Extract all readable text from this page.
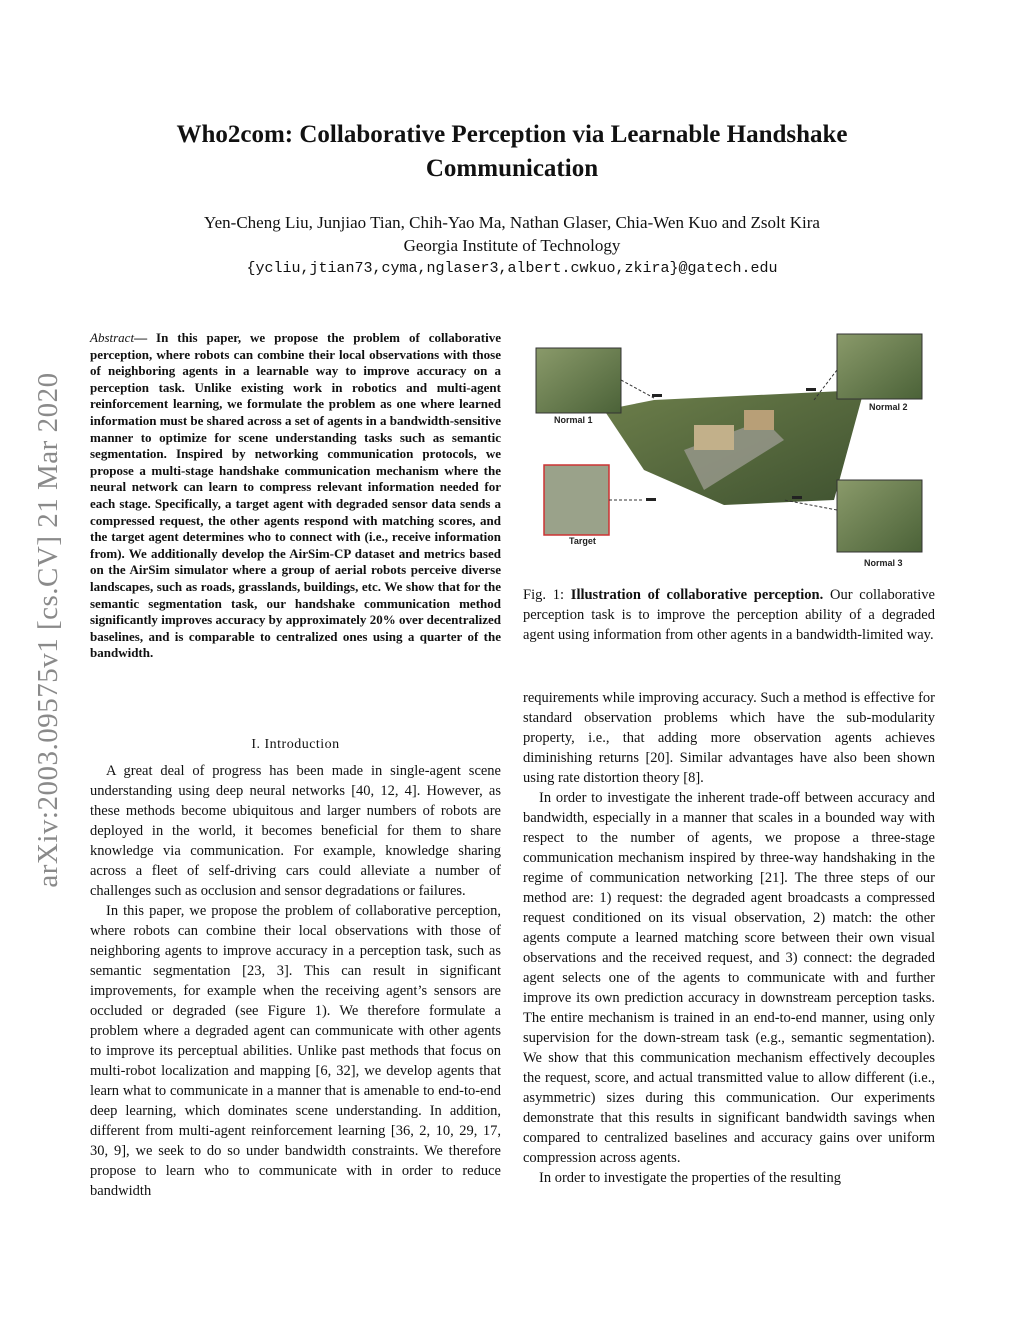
Who2com: Collaborative Perception via Learnable Handshake
Communication
Yen-Cheng Liu, Junjiao Tian, Chih-Yao Ma, Nathan Glaser, Chia-Wen Kuo and Zsolt Kira
Georgia Institute of Technology
{ycliu,jtian73,cyma,nglaser3,albert.cwkuo,zkira}@gatech.edu
arXiv:2003.09575v1 [cs.CV] 21 Mar 2020
Abstract— In this paper, we propose the problem of collaborative perception, where robots can combine their local observations with those of neighboring agents in a learnable way to improve accuracy on a perception task. Unlike existing work in robotics and multi-agent reinforcement learning, we formulate the problem as one where learned information must be shared across a set of agents in a bandwidth-sensitive manner to optimize for scene understanding tasks such as semantic segmentation. Inspired by networking communication protocols, we propose a multi-stage handshake communication mechanism where the neural network can learn to compress relevant information needed for each stage. Specifically, a target agent with degraded sensor data sends a compressed request, the other agents respond with matching scores, and the target agent determines who to connect with (i.e., receive information from). We additionally develop the AirSim-CP dataset and metrics based on the AirSim simulator where a group of aerial robots perceive diverse landscapes, such as roads, grasslands, buildings, etc. We show that for the semantic segmentation task, our handshake communication method significantly improves accuracy by approximately 20% over decentralized baselines, and is comparable to centralized ones using a quarter of the bandwidth.

I. Introduction

A great deal of progress has been made in single-agent scene understanding using deep neural networks [40, 12, 4]. However, as these methods become ubiquitous and larger numbers of robots are deployed in the world, it becomes beneficial for them to share knowledge via communication. For example, knowledge sharing across a fleet of self-driving cars could alleviate a number of challenges such as occlusion and sensor degradations or failures.

In this paper, we propose the problem of collaborative perception, where robots can combine their local observations with those of neighboring agents to improve accuracy in a perception task, such as semantic segmentation [23, 3]. This can result in significant improvements, for example when the receiving agent’s sensors are occluded or degraded (see Figure 1). We therefore formulate a problem where a degraded agent can communicate with other agents to improve its perceptual abilities. Unlike past methods that focus on multi-robot localization and mapping [6, 32], we develop agents that learn what to communicate in a manner that is amenable to end-to-end deep learning, which dominates scene understanding. In addition, different from multi-agent reinforcement learning [36, 2, 10, 29, 17, 30, 9], we seek to do so under bandwidth constraints. We therefore propose to learn who to communicate with in order to reduce bandwidth

Normal 1
Normal 2
Target
Normal 3
Fig. 1: Illustration of collaborative perception. Our collaborative perception task is to improve the perception ability of a degraded agent using information from other agents in a bandwidth-limited way.

requirements while improving accuracy. Such a method is effective for standard observation problems which have the sub-modularity property, i.e., that adding more observation agents achieves diminishing returns [20]. Similar advantages have also been shown using rate distortion theory [8].

In order to investigate the inherent trade-off between accuracy and bandwidth, especially in a manner that scales in a bounded way with respect to the number of agents, we propose a three-stage communication mechanism inspired by three-way handshaking in the regime of communication networking [21]. The three steps of our method are: 1) request: the degraded agent broadcasts a compressed request conditioned on its visual observation, 2) match: the other agents compute a learned matching score between their own visual observations and the received request, and 3) connect: the degraded agent selects one of the agents to communicate with and further improve its own prediction accuracy in downstream perception tasks. The entire mechanism is trained in an end-to-end manner, using only supervision for the down-stream task (e.g., semantic segmentation). We show that this communication mechanism effectively decouples the request, score, and actual transmitted value to allow different (i.e., asymmetric) sizes during this communication. Our experiments demonstrate that this results in significant bandwidth savings when compared to centralized baselines and accuracy gains over uniform compression across agents.

In order to investigate the properties of the resulting
